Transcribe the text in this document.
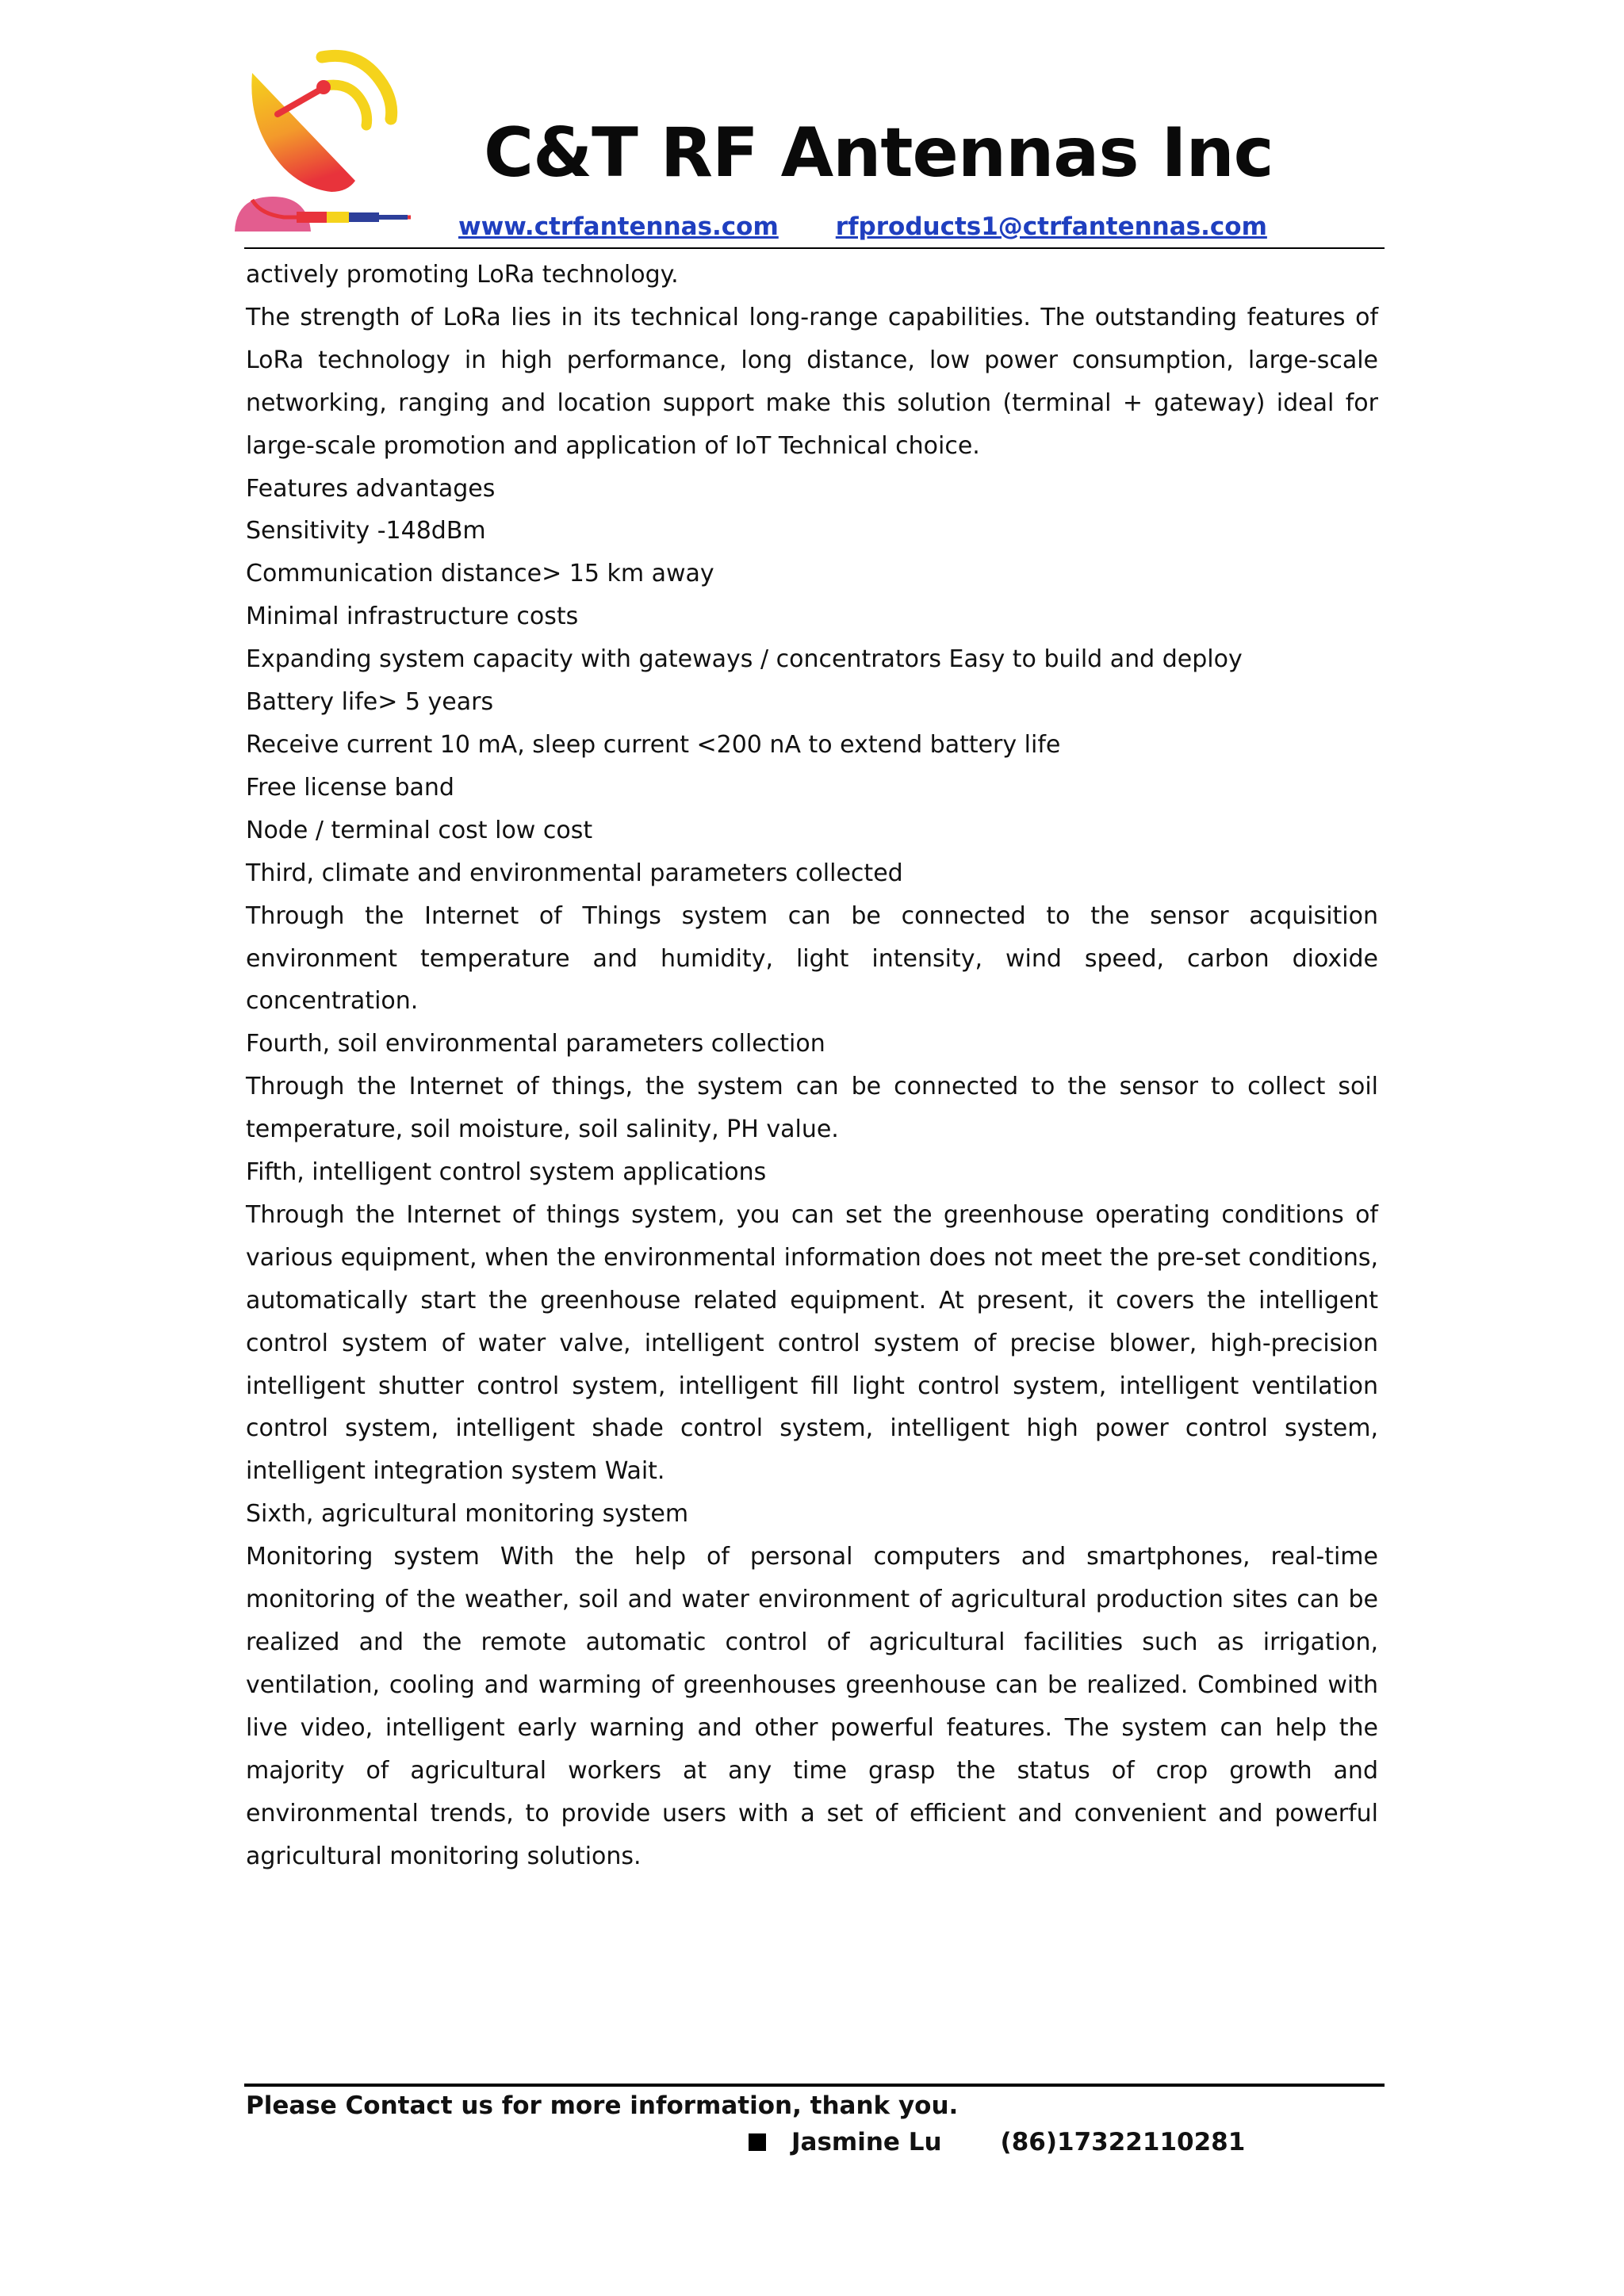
C&T RF Antennas Inc
www.ctrfantennas.com rfproducts1@ctrfantennas.com

actively promoting LoRa technology.

The strength of LoRa lies in its technical long-range capabilities. The outstanding features of LoRa technology in high performance, long distance, low power consumption, large-scale networking, ranging and location support make this solution (terminal + gateway) ideal for large-scale promotion and application of IoT Technical choice.

Features advantages

Sensitivity -148dBm

Communication distance> 15 km away

Minimal infrastructure costs

Expanding system capacity with gateways / concentrators Easy to build and deploy

Battery life> 5 years

Receive current 10 mA, sleep current <200 nA to extend battery life

Free license band

Node / terminal cost low cost

Third, climate and environmental parameters collected

Through the Internet of Things system can be connected to the sensor acquisition environment temperature and humidity, light intensity, wind speed, carbon dioxide concentration.

Fourth, soil environmental parameters collection

Through the Internet of things, the system can be connected to the sensor to collect soil temperature, soil moisture, soil salinity, PH value.

Fifth, intelligent control system applications

Through the Internet of things system, you can set the greenhouse operating conditions of various equipment, when the environmental information does not meet the pre-set conditions, automatically start the greenhouse related equipment. At present, it covers the intelligent control system of water valve, intelligent control system of precise blower, high-precision intelligent shutter control system, intelligent fill light control system, intelligent ventilation control system, intelligent shade control system, intelligent high power control system, intelligent integration system Wait.

Sixth, agricultural monitoring system

Monitoring system With the help of personal computers and smartphones, real-time monitoring of the weather, soil and water environment of agricultural production sites can be realized and the remote automatic control of agricultural facilities such as irrigation, ventilation, cooling and warming of greenhouses greenhouse can be realized. Combined with live video, intelligent early warning and other powerful features. The system can help the majority of agricultural workers at any time grasp the status of crop growth and environmental trends, to provide users with a set of efficient and convenient and powerful agricultural monitoring solutions.

Please Contact us for more information, thank you.
Jasmine Lu (86)17322110281
